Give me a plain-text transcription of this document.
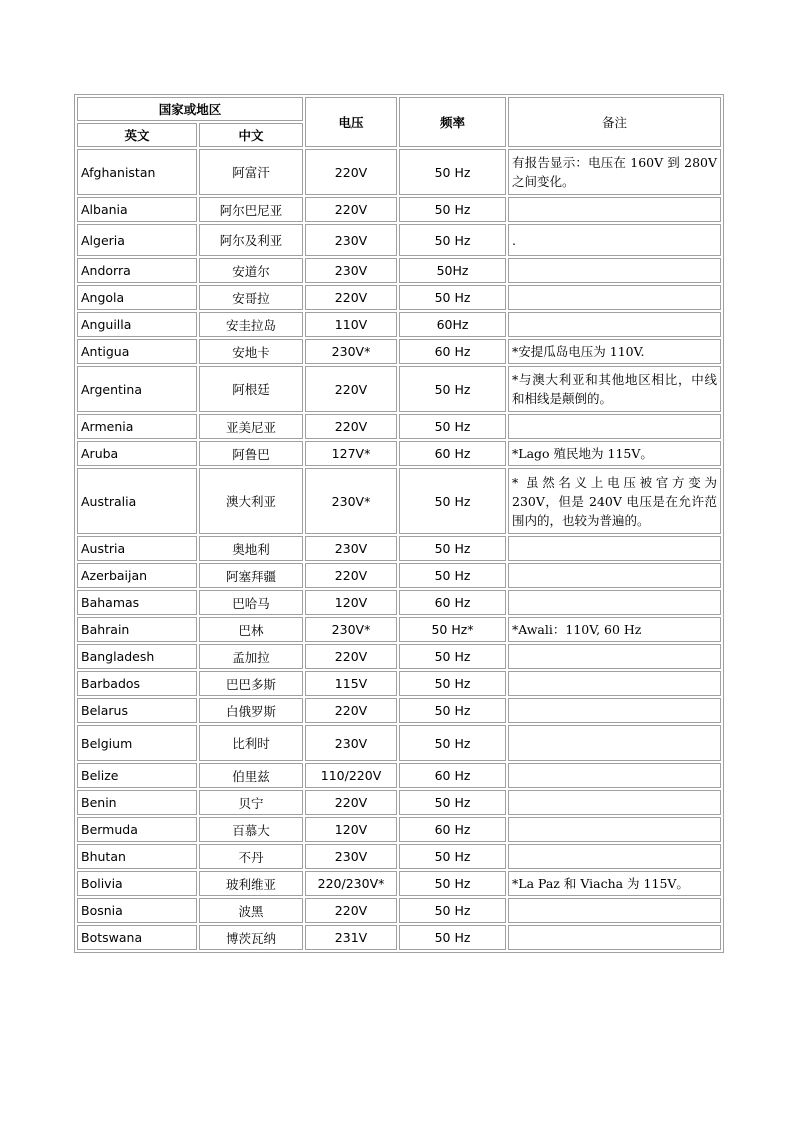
国家或地区		电压	频率	备注
英文	中文			
Afghanistan	阿富汗	220V	50 Hz	有报告显示：电压在 160V 到 280V之间变化。
Albania	阿尔巴尼亚	220V	50 Hz	
Algeria	阿尔及利亚	230V	50 Hz	.
Andorra	安道尔	230V	50Hz	
Angola	安哥拉	220V	50 Hz	
Anguilla	安圭拉岛	110V	60Hz	
Antigua	安地卡	230V*	60 Hz	*安提瓜岛电压为 110V.
Argentina	阿根廷	220V	50 Hz	*与澳大利亚和其他地区相比，中线和相线是颠倒的。
Armenia	亚美尼亚	220V	50 Hz	
Aruba	阿鲁巴	127V*	60 Hz	*Lago 殖民地为 115V。
Australia	澳大利亚	230V*	50 Hz	* 虽然名义上电压被官方变为 230V，但是 240V 电压是在允许范围内的，也较为普遍的。
Austria	奥地利	230V	50 Hz	
Azerbaijan	阿塞拜疆	220V	50 Hz	
Bahamas	巴哈马	120V	60 Hz	
Bahrain	巴林	230V*	50 Hz*	*Awali：110V, 60 Hz
Bangladesh	孟加拉	220V	50 Hz	
Barbados	巴巴多斯	115V	50 Hz	
Belarus	白俄罗斯	220V	50 Hz	
Belgium	比利时	230V	50 Hz	
Belize	伯里兹	110/220V	60 Hz	
Benin	贝宁	220V	50 Hz	
Bermuda	百慕大	120V	60 Hz	
Bhutan	不丹	230V	50 Hz	
Bolivia	玻利维亚	220/230V*	50 Hz	*La Paz 和 Viacha 为 115V。
Bosnia	波黑	220V	50 Hz	
Botswana	博茨瓦纳	231V	50 Hz	
